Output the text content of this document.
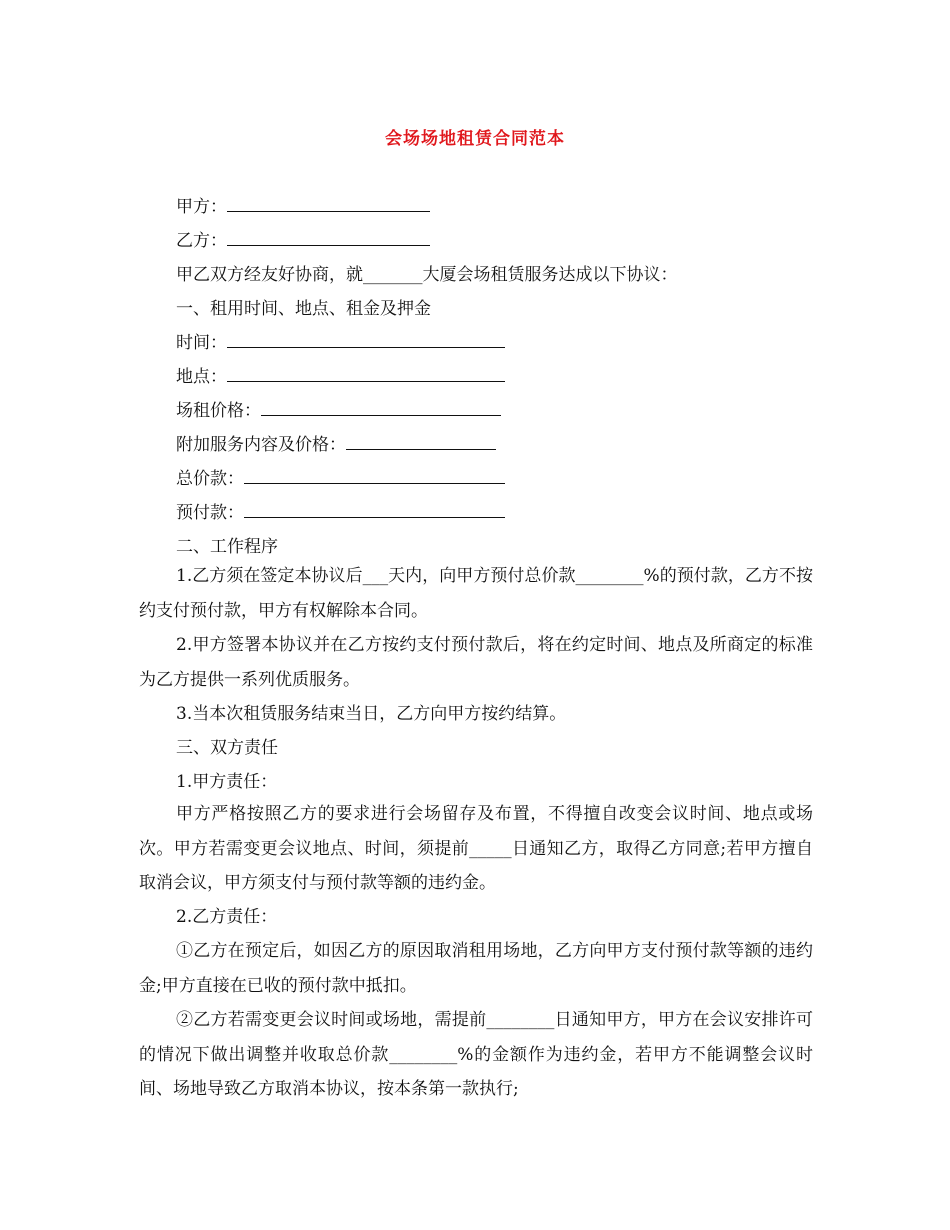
会场场地租赁合同范本

甲方：

乙方：

甲乙双方经友好协商，就_______大厦会场租赁服务达成以下协议：

一、租用时间、地点、租金及押金

时间：

地点：

场租价格：

附加服务内容及价格：

总价款：

预付款：

二、工作程序

1.乙方须在签定本协议后___天内，向甲方预付总价款________%的预付款，乙方不按约支付预付款，甲方有权解除本合同。

2.甲方签署本协议并在乙方按约支付预付款后，将在约定时间、地点及所商定的标准为乙方提供一系列优质服务。

3.当本次租赁服务结束当日，乙方向甲方按约结算。

三、双方责任

1.甲方责任：

甲方严格按照乙方的要求进行会场留存及布置，不得擅自改变会议时间、地点或场次。甲方若需变更会议地点、时间，须提前_____日通知乙方，取得乙方同意;若甲方擅自取消会议，甲方须支付与预付款等额的违约金。

2.乙方责任：

①乙方在预定后，如因乙方的原因取消租用场地，乙方向甲方支付预付款等额的违约金;甲方直接在已收的预付款中抵扣。

②乙方若需变更会议时间或场地，需提前________日通知甲方，甲方在会议安排许可的情况下做出调整并收取总价款________%的金额作为违约金，若甲方不能调整会议时间、场地导致乙方取消本协议，按本条第一款执行;
